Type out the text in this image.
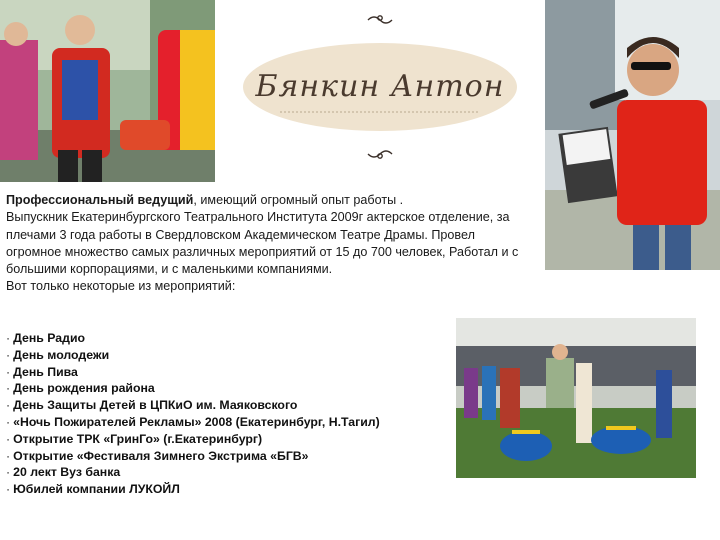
Бянкин Антон

Профессиональный ведущий, имеющий огромный опыт работы .

Выпускник Екатеринбургского Театрального Института 2009г актерское отделение, за плечами 3 года работы в Свердловском Академическом Театре Драмы. Провел огромное множество самых различных мероприятий от 15 до 700 человек, Работал и с большими корпорациями, и с маленькими компаниями.

Вот только некоторые из мероприятий:

· День Радио
· День молодежи
· День Пива
· День рождения района
· День Защиты Детей в ЦПКиО им. Маяковского
· «Ночь Пожирателей Рекламы» 2008 (Екатеринбург, Н.Тагил)
· Открытие ТРК «ГринГо» (г.Екатеринбург)
· Открытие «Фестиваля Зимнего Экстрима «БГВ»
· 20 лект Вуз банка
· Юбилей компании ЛУКОЙЛ
